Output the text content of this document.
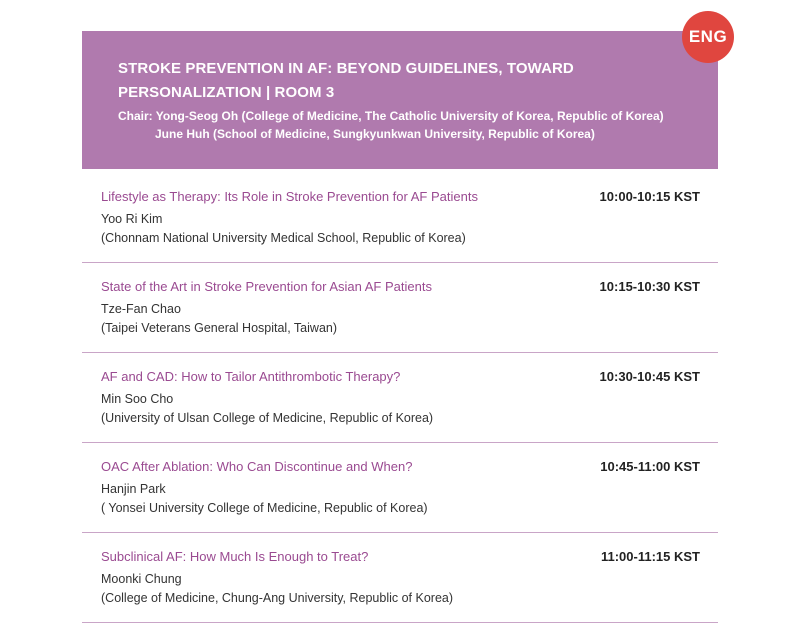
STROKE PREVENTION IN AF: BEYOND GUIDELINES, TOWARD PERSONALIZATION | ROOM 3

Chair: Yong-Seog Oh (College of Medicine, The Catholic University of Korea, Republic of Korea)
June Huh (School of Medicine, Sungkyunkwan University, Republic of Korea)
ENG
Lifestyle as Therapy: Its Role in Stroke Prevention for AF Patients	10:00-10:15 KST
Yoo Ri Kim
(Chonnam National University Medical School, Republic of Korea)
State of the Art in Stroke Prevention for Asian AF Patients	10:15-10:30 KST
Tze-Fan Chao
(Taipei Veterans General Hospital, Taiwan)
AF and CAD: How to Tailor Antithrombotic Therapy?	10:30-10:45 KST
Min Soo Cho
(University of Ulsan College of Medicine, Republic of Korea)
OAC After Ablation: Who Can Discontinue and When?	10:45-11:00 KST
Hanjin Park
( Yonsei University College of Medicine, Republic of Korea)
Subclinical AF: How Much Is Enough to Treat?	11:00-11:15 KST
Moonki Chung
(College of Medicine, Chung-Ang University, Republic of Korea)
